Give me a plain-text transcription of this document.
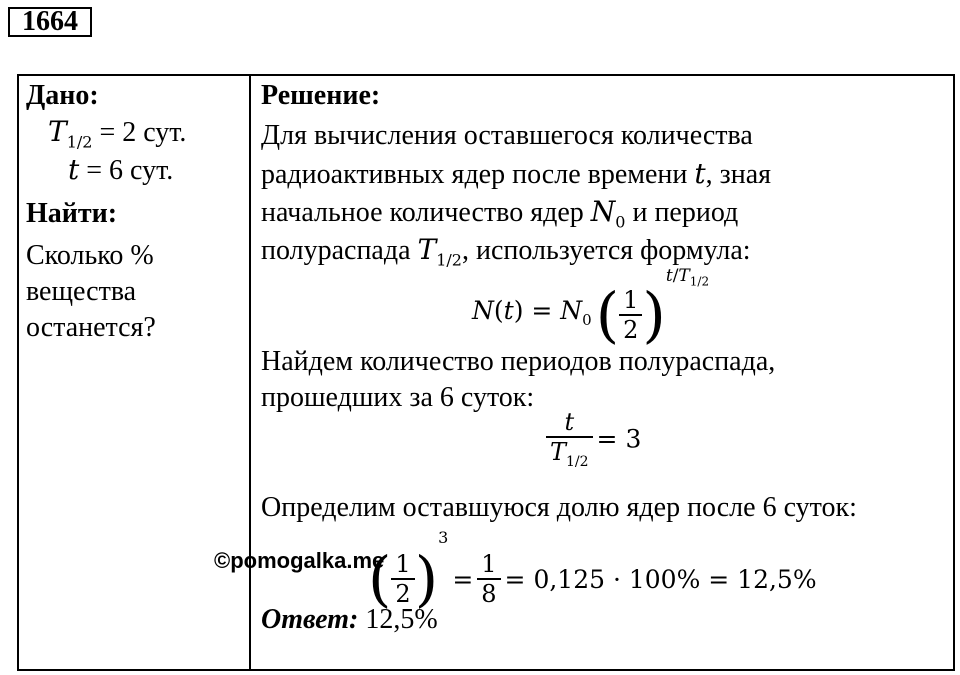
1664
Дано:
$T_{1/2} = 2$ сут.
t = 6 сут.
Найти:
Сколько %
вещества
останется?
Решение:
Для вычисления оставшегося количества
радиоактивных ядер после времени t, зная
начальное количество ядер $N_0$ и период
полураспада $T_{1/2}$, используется формула:
$N(t) = N_0$ ( $\frac{1}{2} )^{t/T_{1/2}}$
Найдем количество периодов полураспада,
прошедших за 6 суток:
$\frac{t}{T_{1/2}} = 3$
Определим оставшуюся долю ядер после 6 суток:
©pomogalka.me
( $\frac{1}{2} )^3 = \frac{1}{8} = 0,125 \cdot 100\% = 12,5\%$
Ответ: 12,5%
